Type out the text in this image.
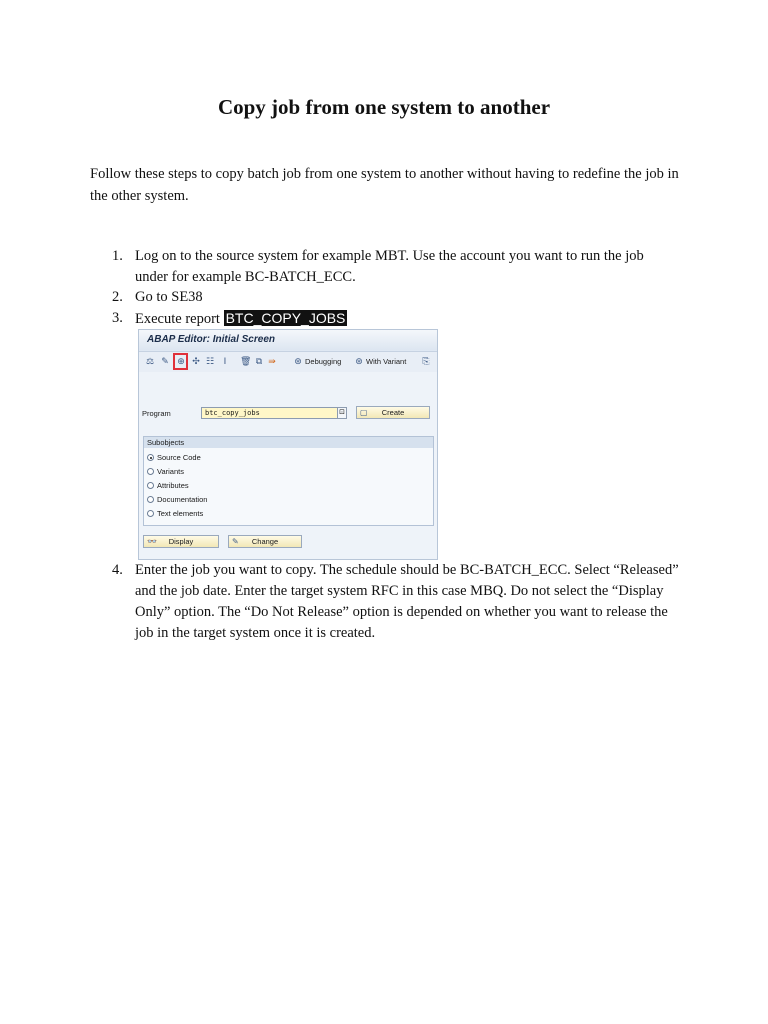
Copy job from one system to another
Follow these steps to copy batch job from one system to another without having to redefine the job in the other system.
1. Log on to the source system for example MBT. Use the account you want to run the job under for example BC-BATCH_ECC.
2. Go to SE38
3. Execute report BTC_COPY_JOBS
ABAP Editor: Initial Screen
⚖ ✎ ⊕ ✣ ☷	Ⅰ	🗑 ⧉ ⇛ ⊛ Debugging ⊛ With Variant ⎘
Program	btc_copy_jobs	⊡ ▢ Create
Subobjects
Source Code
Variants
Attributes
Documentation
Text elements
👓 Display	✎ Change
4. Enter the job you want to copy. The schedule should be BC-BATCH_ECC. Select “Released” and the job date. Enter the target system RFC in this case MBQ. Do not select the “Display Only” option. The “Do Not Release” option is depended on whether you want to release the job in the target system once it is created.
